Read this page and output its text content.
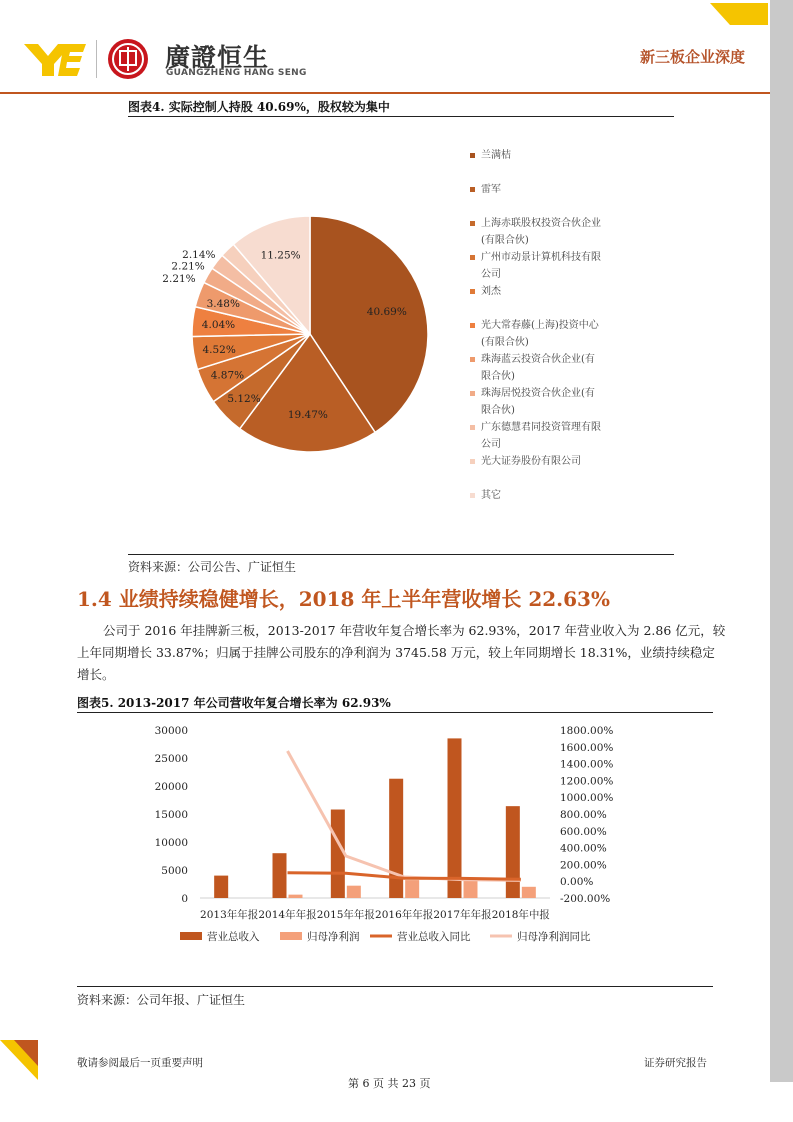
廣證恒生
GUANGZHENG HANG SENG
新三板企业深度
图表4. 实际控制人持股 40.69%，股权较为集中
40.69%
19.47%
5.12%
4.87%
4.52%
4.04%
3.48%
2.21%
2.21%
2.14%	11.25%
兰满桔
雷军
上海赤联股权投资合伙企业
(有限合伙)
广州市动景计算机科技有限
公司
刘杰
光大常春藤(上海)投资中心
(有限合伙)
珠海蓝云投资合伙企业(有
限合伙)
珠海居悦投资合伙企业(有
限合伙)
广东德慧君同投资管理有限
公司
光大证券股份有限公司
其它
资料来源：公司公告、广证恒生
1.4 业绩持续稳健增长，2018 年上半年营收增长 22.63%
公司于 2016 年挂牌新三板，2013-2017 年营收年复合增长率为 62.93%，2017 年营业收入为 2.86 亿元，较上年同期增长 33.87%；归属于挂牌公司股东的净利润为 3745.58 万元，较上年同期增长 18.31%，业绩持续稳定增长。
图表5. 2013-2017 年公司营收年复合增长率为 62.93%
0
5000
10000
15000
20000
25000
30000
-200.00%
0.00%
200.00%
400.00%
600.00%
800.00%
1000.00%
1200.00%
1400.00%
1600.00%
1800.00%
2013年年报 2014年年报 2015年年报 2016年年报 2017年年报 2018年中报
营业总收入	归母净利润	营业总收入同比	归母净利润同比
资料来源：公司年报、广证恒生
敬请参阅最后一页重要声明	证券研究报告
第 6 页 共 23 页
